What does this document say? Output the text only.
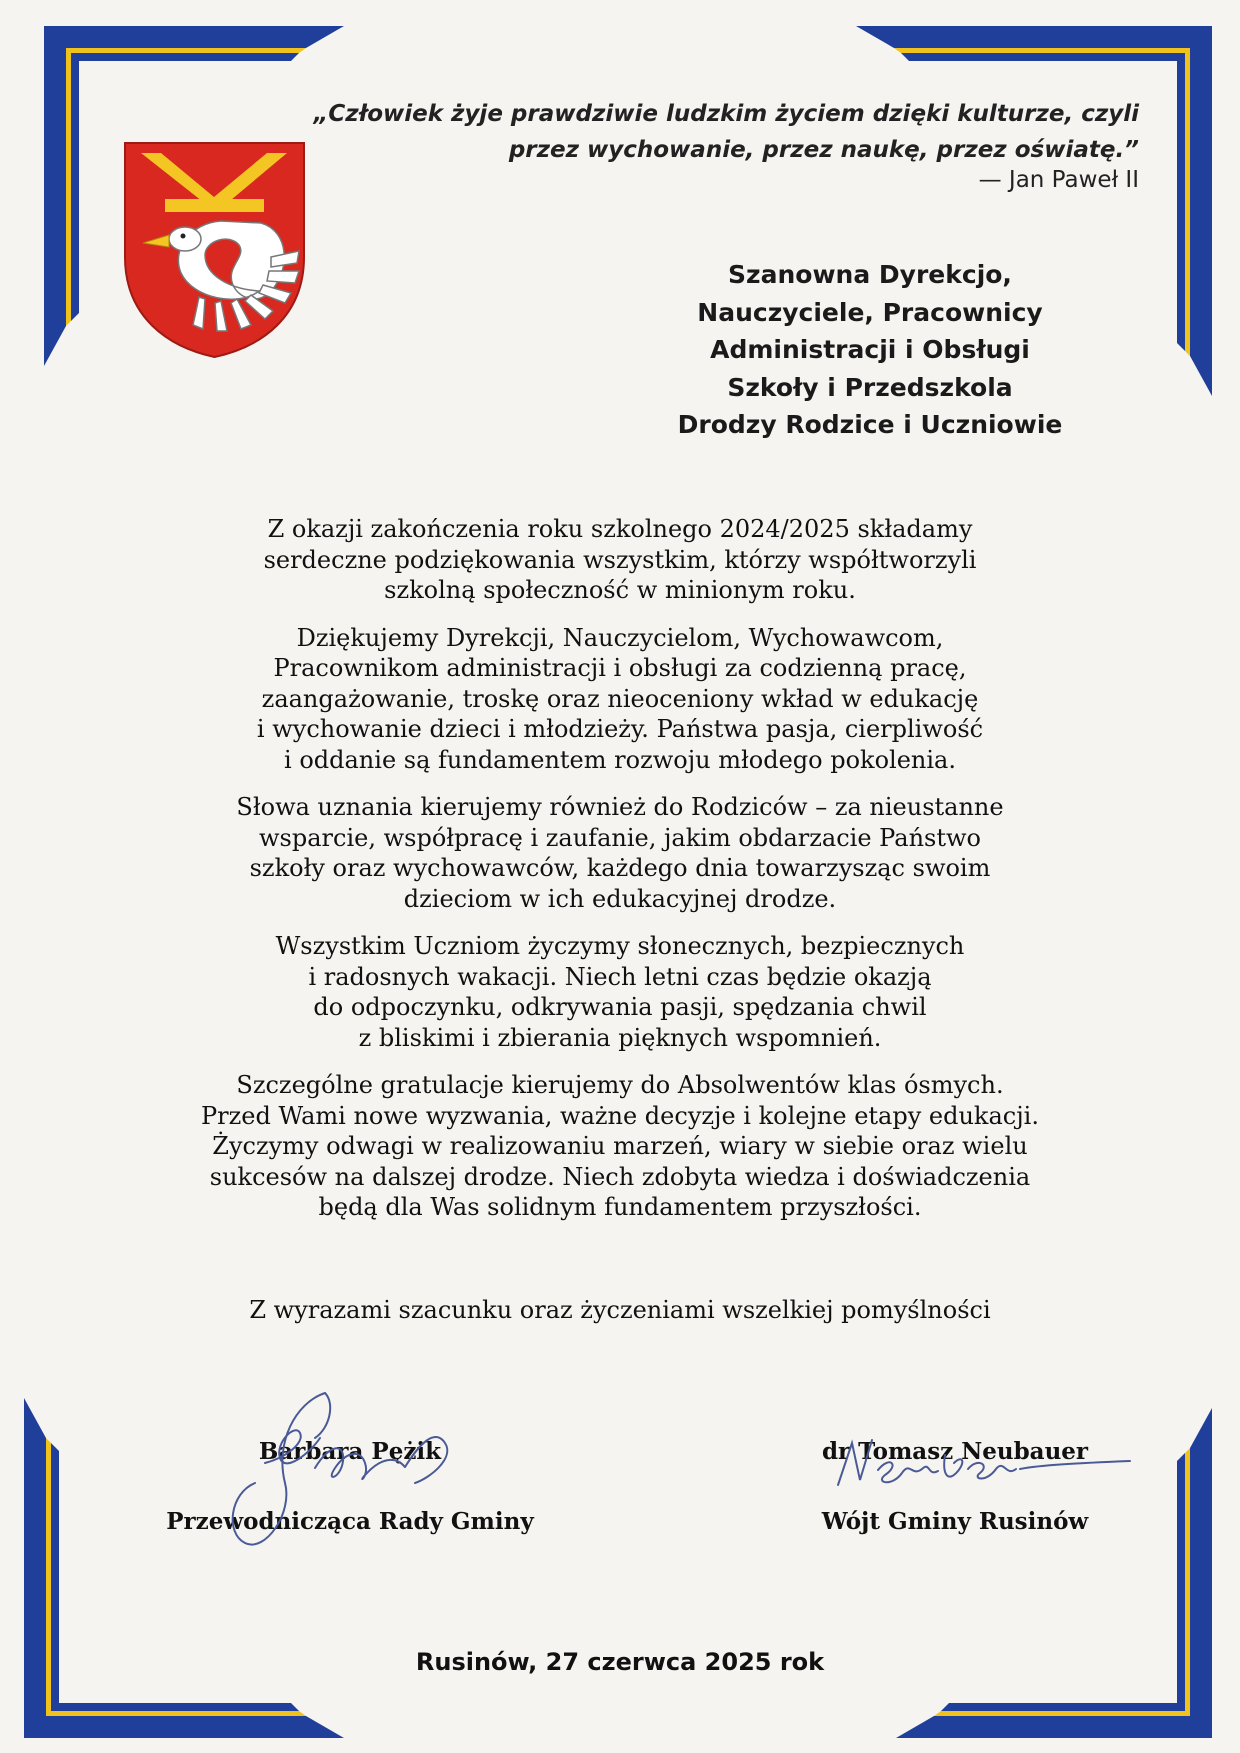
„Człowiek żyje prawdziwie ludzkim życiem dzięki kulturze, czyli
przez wychowanie, przez naukę, przez oświatę.”
— Jan Paweł II
Szanowna Dyrekcjo,
Nauczyciele, Pracownicy
Administracji i Obsługi
Szkoły i Przedszkola
Drodzy Rodzice i Uczniowie

Z okazji zakończenia roku szkolnego 2024/2025 składamy
serdeczne podziękowania wszystkim, którzy współtworzyli
szkolną społeczność w minionym roku.

Dziękujemy Dyrekcji, Nauczycielom, Wychowawcom,
Pracownikom administracji i obsługi za codzienną pracę,
zaangażowanie, troskę oraz nieoceniony wkład w edukację
i wychowanie dzieci i młodzieży. Państwa pasja, cierpliwość
i oddanie są fundamentem rozwoju młodego pokolenia.

Słowa uznania kierujemy również do Rodziców – za nieustanne
wsparcie, współpracę i zaufanie, jakim obdarzacie Państwo
szkoły oraz wychowawców, każdego dnia towarzysząc swoim
dzieciom w ich edukacyjnej drodze.

Wszystkim Uczniom życzymy słonecznych, bezpiecznych
i radosnych wakacji. Niech letni czas będzie okazją
do odpoczynku, odkrywania pasji, spędzania chwil
z bliskimi i zbierania pięknych wspomnień.

Szczególne gratulacje kierujemy do Absolwentów klas ósmych.
Przed Wami nowe wyzwania, ważne decyzje i kolejne etapy edukacji.
Życzymy odwagi w realizowaniu marzeń, wiary w siebie oraz wielu
sukcesów na dalszej drodze. Niech zdobyta wiedza i doświadczenia
będą dla Was solidnym fundamentem przyszłości.

Z wyrazami szacunku oraz życzeniami wszelkiej pomyślności
Barbara Pężik
Przewodnicząca Rady Gminy
dr Tomasz Neubauer
Wójt Gminy Rusinów
Rusinów, 27 czerwca 2025 rok
